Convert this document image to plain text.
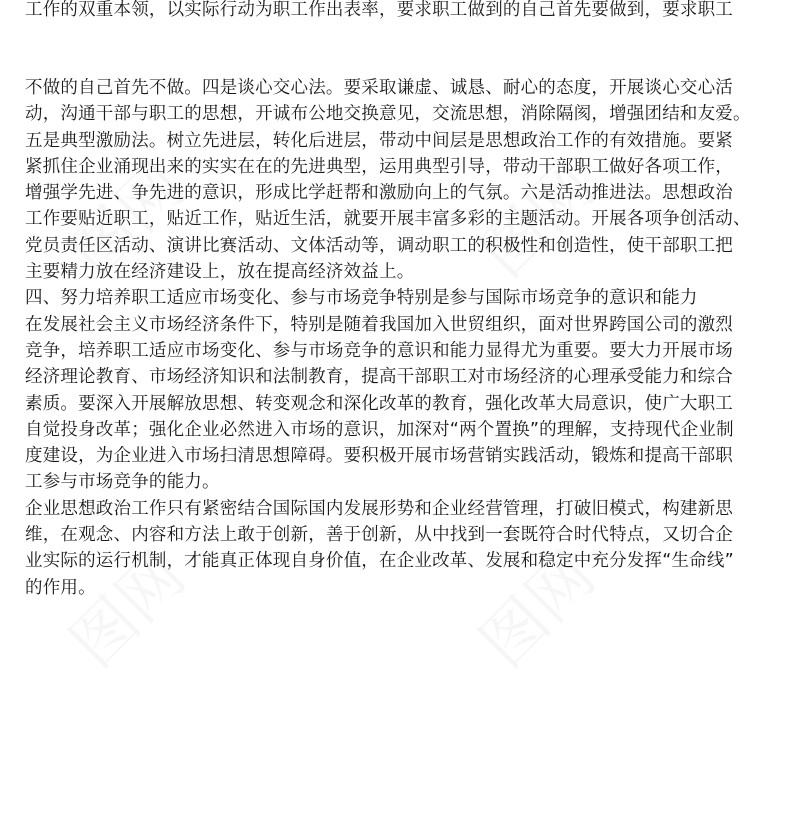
工作的双重本领，以实际行动为职工作出表率，要求职工做到的自己首先要做到，要求职工
不做的自己首先不做。四是谈心交心法。要采取谦虚、诚恳、耐心的态度，开展谈心交心活
动，沟通干部与职工的思想，开诚布公地交换意见，交流思想，消除隔阂，增强团结和友爱。
五是典型激励法。树立先进层，转化后进层，带动中间层是思想政治工作的有效措施。要紧
紧抓住企业涌现出来的实实在在的先进典型，运用典型引导，带动干部职工做好各项工作，
增强学先进、争先进的意识，形成比学赶帮和激励向上的气氛。六是活动推进法。思想政治
工作要贴近职工，贴近工作，贴近生活，就要开展丰富多彩的主题活动。开展各项争创活动、
党员责任区活动、演讲比赛活动、文体活动等，调动职工的积极性和创造性，使干部职工把
主要精力放在经济建设上，放在提高经济效益上。
四、努力培养职工适应市场变化、参与市场竞争特别是参与国际市场竞争的意识和能力
在发展社会主义市场经济条件下，特别是随着我国加入世贸组织，面对世界跨国公司的激烈
竞争，培养职工适应市场变化、参与市场竞争的意识和能力显得尤为重要。要大力开展市场
经济理论教育、市场经济知识和法制教育，提高干部职工对市场经济的心理承受能力和综合
素质。要深入开展解放思想、转变观念和深化改革的教育，强化改革大局意识，使广大职工
自觉投身改革；强化企业必然进入市场的意识，加深对“两个置换”的理解，支持现代企业制
度建设，为企业进入市场扫清思想障碍。要积极开展市场营销实践活动，锻炼和提高干部职
工参与市场竞争的能力。
企业思想政治工作只有紧密结合国际国内发展形势和企业经营管理，打破旧模式，构建新思
维，在观念、内容和方法上敢于创新，善于创新，从中找到一套既符合时代特点，又切合企
业实际的运行机制，才能真正体现自身价值，在企业改革、发展和稳定中充分发挥“生命线”
的作用。
